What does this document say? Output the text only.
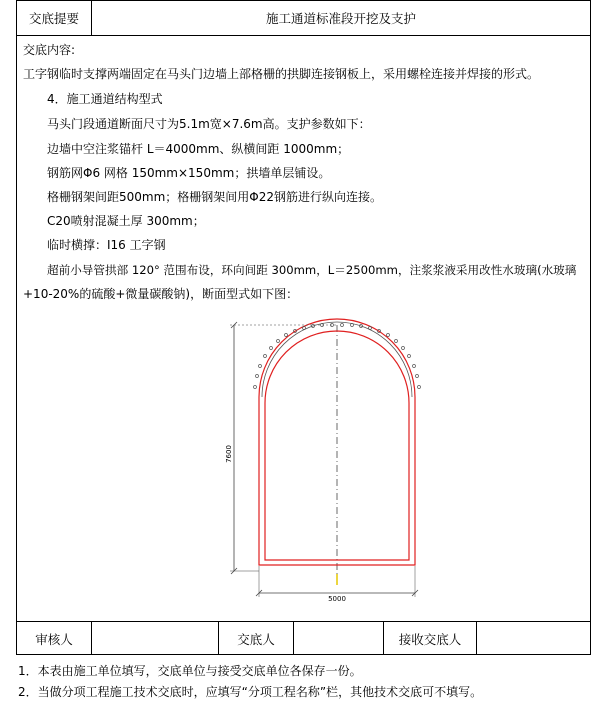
交底提要	施工通道标准段开挖及支护
交底内容:
工字钢临时支撑两端固定在马头门边墙上部格栅的拱脚连接钢板上，采用螺栓连接并焊接的形式。
4．施工通道结构型式
马头门段通道断面尺寸为5.1m宽×7.6m高。支护参数如下：
边墙中空注浆锚杆 L＝4000mm、纵横间距 1000mm；
钢筋网Φ6 网格 150mm×150mm；拱墙单层铺设。
格栅钢架间距500mm；格栅钢架间用Φ22钢筋进行纵向连接。
C20喷射混凝土厚 300mm；
临时横撑：I16 工字钢
超前小导管拱部 120° 范围布设，环向间距 300mm，L＝2500mm，注浆浆液采用改性水玻璃(水玻璃
+10-20%的硫酸+微量碳酸钠)，断面型式如下图：
审核人	交底人	接收交底人
7600
5000
1．本表由施工单位填写，交底单位与接受交底单位各保存一份。
2．当做分项工程施工技术交底时，应填写“分项工程名称”栏，其他技术交底可不填写。
